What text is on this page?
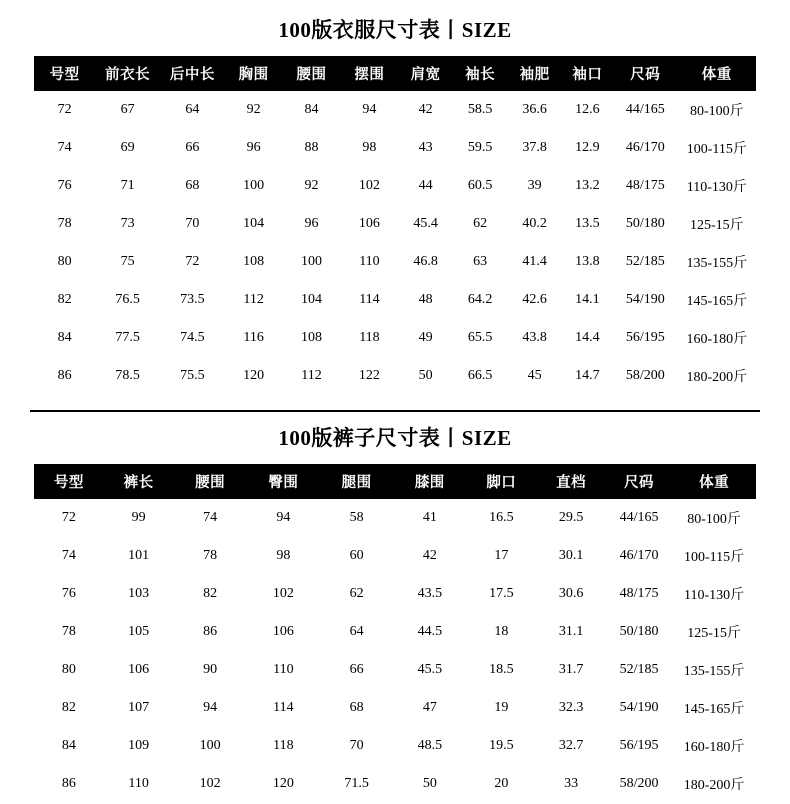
100版衣服尺寸表丨SIZE
号型	前衣长	后中长	胸围	腰围	摆围	肩宽	袖长	袖肥	袖口	尺码	体重
72	67	64	92	84	94	42	58.5	36.6	12.6	44/165	80-100斤
74	69	66	96	88	98	43	59.5	37.8	12.9	46/170	100-115斤
76	71	68	100	92	102	44	60.5	39	13.2	48/175	110-130斤
78	73	70	104	96	106	45.4	62	40.2	13.5	50/180	125-15斤
80	75	72	108	100	110	46.8	63	41.4	13.8	52/185	135-155斤
82	76.5	73.5	112	104	114	48	64.2	42.6	14.1	54/190	145-165斤
84	77.5	74.5	116	108	118	49	65.5	43.8	14.4	56/195	160-180斤
86	78.5	75.5	120	112	122	50	66.5	45	14.7	58/200	180-200斤
100版裤子尺寸表丨SIZE
号型	裤长	腰围	臀围	腿围	膝围	脚口	直档	尺码	体重
72	99	74	94	58	41	16.5	29.5	44/165	80-100斤
74	101	78	98	60	42	17	30.1	46/170	100-115斤
76	103	82	102	62	43.5	17.5	30.6	48/175	110-130斤
78	105	86	106	64	44.5	18	31.1	50/180	125-15斤
80	106	90	110	66	45.5	18.5	31.7	52/185	135-155斤
82	107	94	114	68	47	19	32.3	54/190	145-165斤
84	109	100	118	70	48.5	19.5	32.7	56/195	160-180斤
86	110	102	120	71.5	50	20	33	58/200	180-200斤
